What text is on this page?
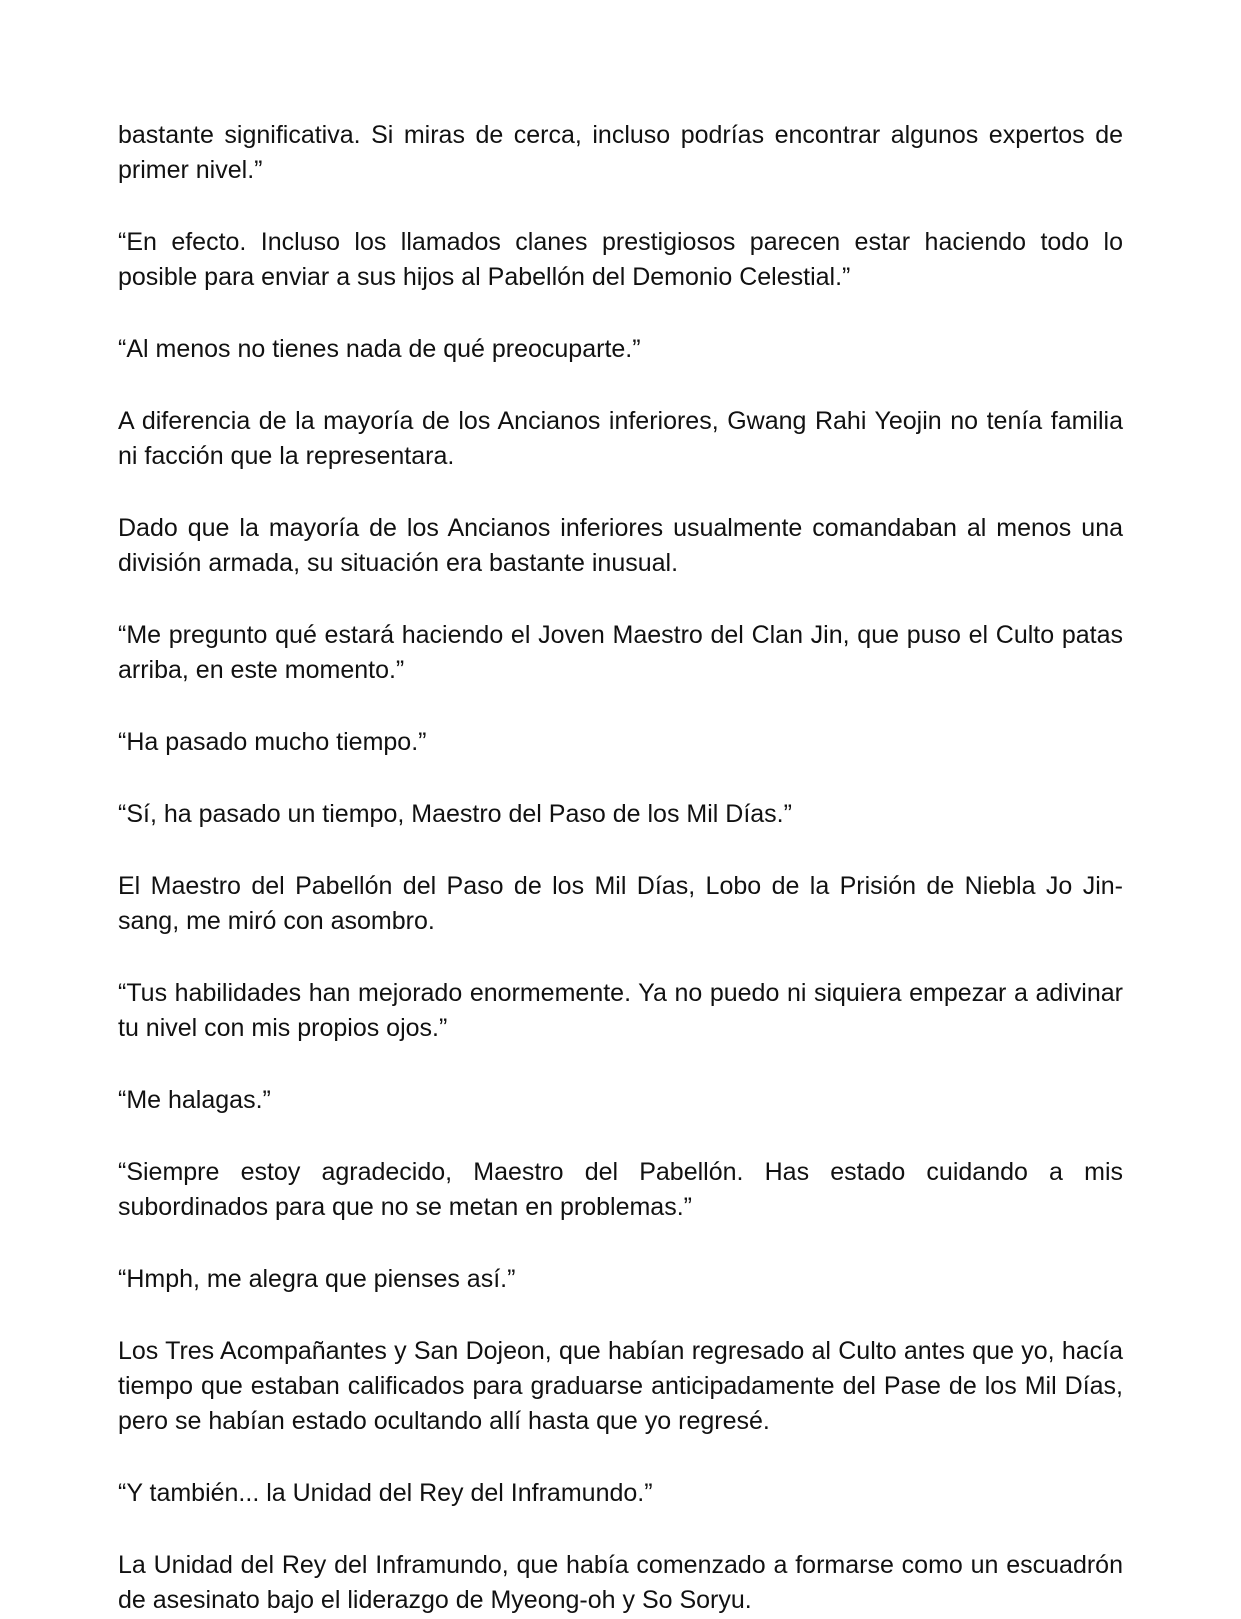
bastante significativa. Si miras de cerca, incluso podrías encontrar algunos expertos de primer nivel.”

“En efecto. Incluso los llamados clanes prestigiosos parecen estar haciendo todo lo posible para enviar a sus hijos al Pabellón del Demonio Celestial.”

“Al menos no tienes nada de qué preocuparte.”

A diferencia de la mayoría de los Ancianos inferiores, Gwang Rahi Yeojin no tenía familia ni facción que la representara.

Dado que la mayoría de los Ancianos inferiores usualmente comandaban al menos una división armada, su situación era bastante inusual.

“Me pregunto qué estará haciendo el Joven Maestro del Clan Jin, que puso el Culto patas arriba, en este momento.”

“Ha pasado mucho tiempo.”

“Sí, ha pasado un tiempo, Maestro del Paso de los Mil Días.”

El Maestro del Pabellón del Paso de los Mil Días, Lobo de la Prisión de Niebla Jo Jin-sang, me miró con asombro.

“Tus habilidades han mejorado enormemente. Ya no puedo ni siquiera empezar a adivinar tu nivel con mis propios ojos.”

“Me halagas.”

“Siempre estoy agradecido, Maestro del Pabellón. Has estado cuidando a mis subordinados para que no se metan en problemas.”

“Hmph, me alegra que pienses así.”

Los Tres Acompañantes y San Dojeon, que habían regresado al Culto antes que yo, hacía tiempo que estaban calificados para graduarse anticipadamente del Pase de los Mil Días, pero se habían estado ocultando allí hasta que yo regresé.

“Y también... la Unidad del Rey del Inframundo.”

La Unidad del Rey del Inframundo, que había comenzado a formarse como un escuadrón de asesinato bajo el liderazgo de Myeong-oh y So Soryu.
